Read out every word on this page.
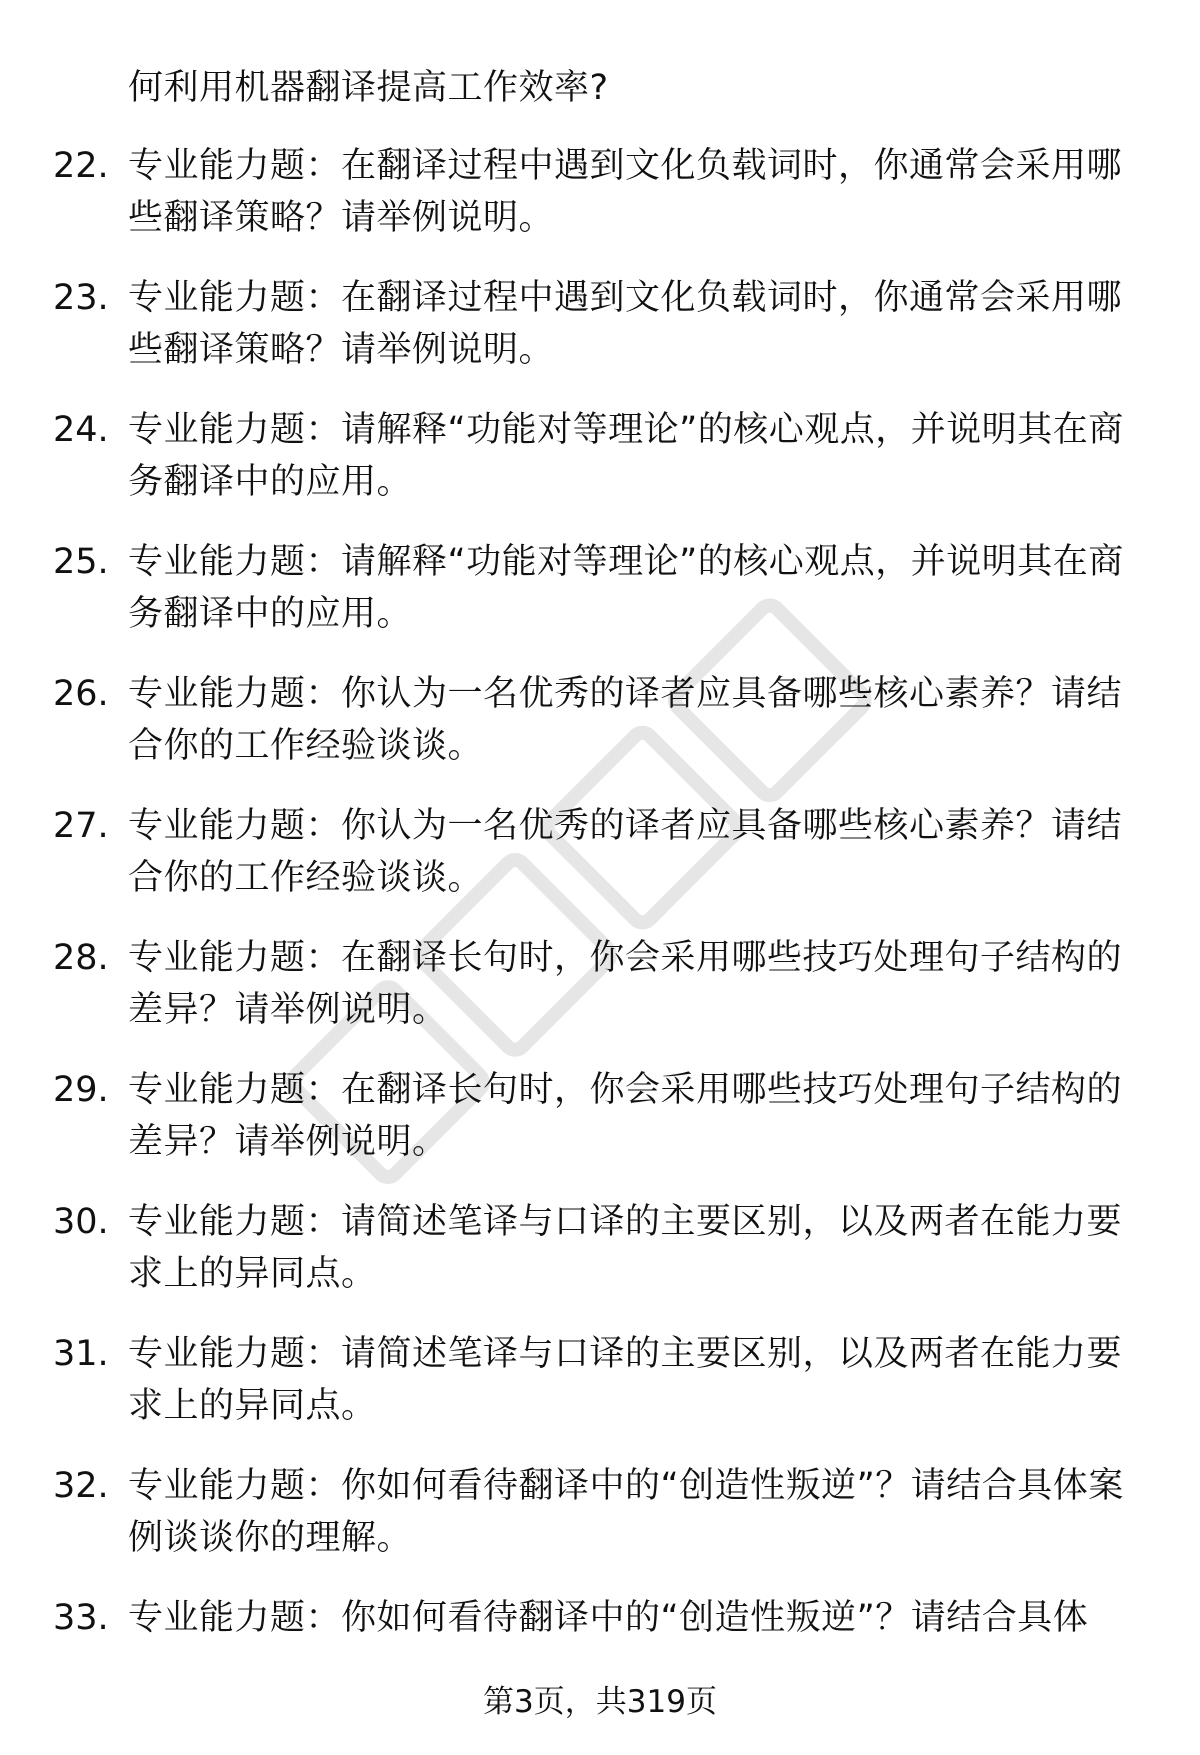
何利用机器翻译提高工作效率?
22. 专业能力题：在翻译过程中遇到文化负载词时，你通常会采用哪些翻译策略？请举例说明。
23. 专业能力题：在翻译过程中遇到文化负载词时，你通常会采用哪些翻译策略？请举例说明。
24. 专业能力题：请解释“功能对等理论”的核心观点，并说明其在商务翻译中的应用。
25. 专业能力题：请解释“功能对等理论”的核心观点，并说明其在商务翻译中的应用。
26. 专业能力题：你认为一名优秀的译者应具备哪些核心素养？请结合你的工作经验谈谈。
27. 专业能力题：你认为一名优秀的译者应具备哪些核心素养？请结合你的工作经验谈谈。
28. 专业能力题：在翻译长句时，你会采用哪些技巧处理句子结构的差异？请举例说明。
29. 专业能力题：在翻译长句时，你会采用哪些技巧处理句子结构的差异？请举例说明。
30. 专业能力题：请简述笔译与口译的主要区别，以及两者在能力要求上的异同点。
31. 专业能力题：请简述笔译与口译的主要区别，以及两者在能力要求上的异同点。
32. 专业能力题：你如何看待翻译中的“创造性叛逆”？请结合具体案例谈谈你的理解。
33. 专业能力题：你如何看待翻译中的“创造性叛逆”？请结合具体
第3页，共319页
